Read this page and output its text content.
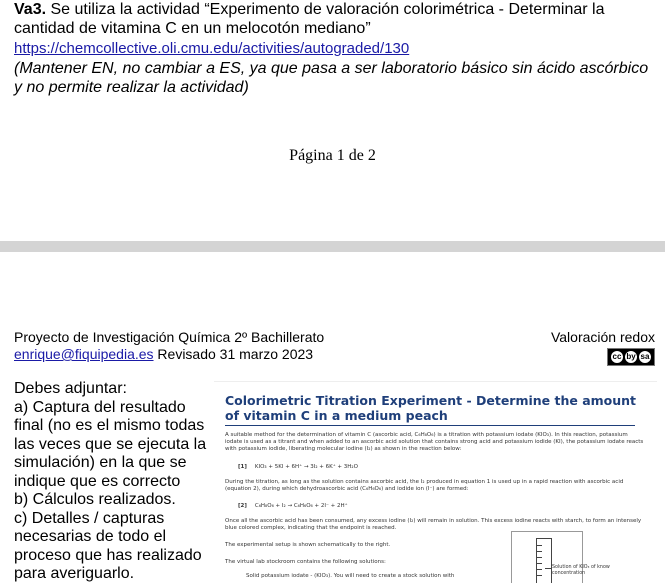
Va3. Se utiliza la actividad “Experimento de valoración colorimétrica - Determinar la cantidad de vitamina C en un melocotón mediano”

https://chemcollective.oli.cmu.edu/activities/autograded/130

(Mantener EN, no cambiar a ES, ya que pasa a ser laboratorio básico sin ácido ascórbico y no permite realizar la actividad)

Página 1 de 2
Proyecto de Investigación Química 2º Bachillerato
enrique@fiquipedia.es Revisado 31 marzo 2023
Valoración redox
cc by sa

Debes adjuntar:

a) Captura del resultado final (no es el mismo todas las veces que se ejecuta la simulación) en la que se indique que es correcto

b) Cálculos realizados.

c) Detalles / capturas necesarias de todo el proceso que has realizado para averiguarlo.

Colorimetric Titration Experiment - Determine the amount of vitamin C in a medium peach
A suitable method for the determination of vitamin C (ascorbic acid, C₆H₈O₆) is a titration with potassium iodate (KIO₃). In this reaction, potassium iodate is used as a titrant and when added to an ascorbic acid solution that contains strong acid and potassium iodide (KI), the potassium iodate reacts with potassium iodide, liberating molecular iodine (I₂) as shown in the reaction below:
[1] KIO₃ + 5KI + 6H⁺ → 3I₂ + 6K⁺ + 3H₂O
During the titration, as long as the solution contains ascorbic acid, the I₂ produced in equation 1 is used up in a rapid reaction with ascorbic acid (equation 2), during which dehydroascorbic acid (C₆H₆O₆) and iodide ion (I⁻) are formed:
[2] C₆H₈O₆ + I₂ → C₆H₆O₆ + 2I⁻ + 2H⁺
Once all the ascorbic acid has been consumed, any excess iodine (I₂) will remain in solution. This excess iodine reacts with starch, to form an intensely blue colored complex, indicating that the endpoint is reached.
The experimental setup is shown schematically to the right.
The virtual lab stockroom contains the following solutions:
Solid potassium iodate - (KIO₃). You will need to create a stock solution with
Solution of KIO₃ of know concentration
